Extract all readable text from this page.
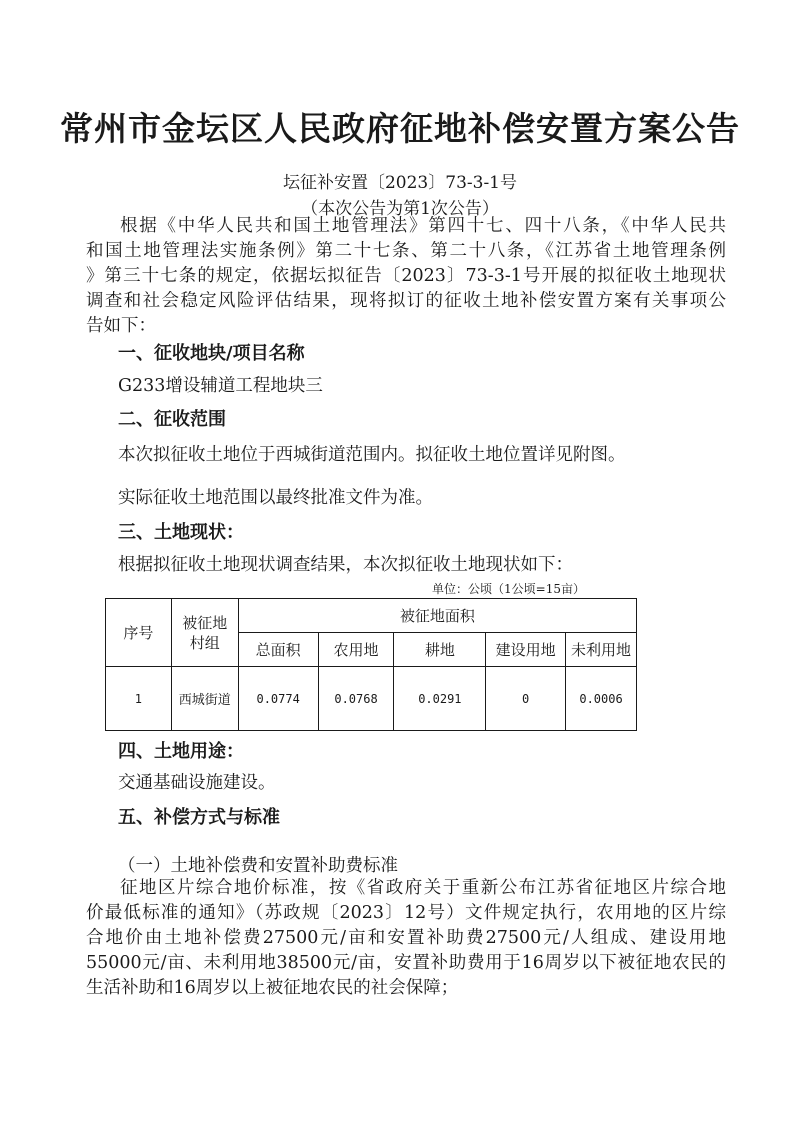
常州市金坛区人民政府征地补偿安置方案公告
坛征补安置〔2023〕73-3-1号
（本次公告为第1次公告）
根据《中华人民共和国土地管理法》第四十七、四十八条，《中华人民共
和国土地管理法实施条例》第二十七条、第二十八条，《江苏省土地管理条例
》第三十七条的规定，依据坛拟征告〔2023〕73-3-1号开展的拟征收土地现状
调查和社会稳定风险评估结果，现将拟订的征收土地补偿安置方案有关事项公
告如下：
一、征收地块/项目名称
G233增设辅道工程地块三
二、征收范围
本次拟征收土地位于西城街道范围内。拟征收土地位置详见附图。
实际征收土地范围以最终批准文件为准。
三、土地现状：
根据拟征收土地现状调查结果，本次拟征收土地现状如下：
单位：公顷（1公顷=15亩）
序号	被征地村组	被征地面积				
		总面积	农用地	耕地	建设用地	未利用地
1	西城街道	0.0774	0.0768	0.0291	0	0.0006
四、土地用途：
交通基础设施建设。
五、补偿方式与标准
（一）土地补偿费和安置补助费标准
征地区片综合地价标准，按《省政府关于重新公布江苏省征地区片综合地
价最低标准的通知》（苏政规〔2023〕12号）文件规定执行，农用地的区片综
合地价由土地补偿费27500元/亩和安置补助费27500元/人组成、建设用地
55000元/亩、未利用地38500元/亩，安置补助费用于16周岁以下被征地农民的
生活补助和16周岁以上被征地农民的社会保障；
